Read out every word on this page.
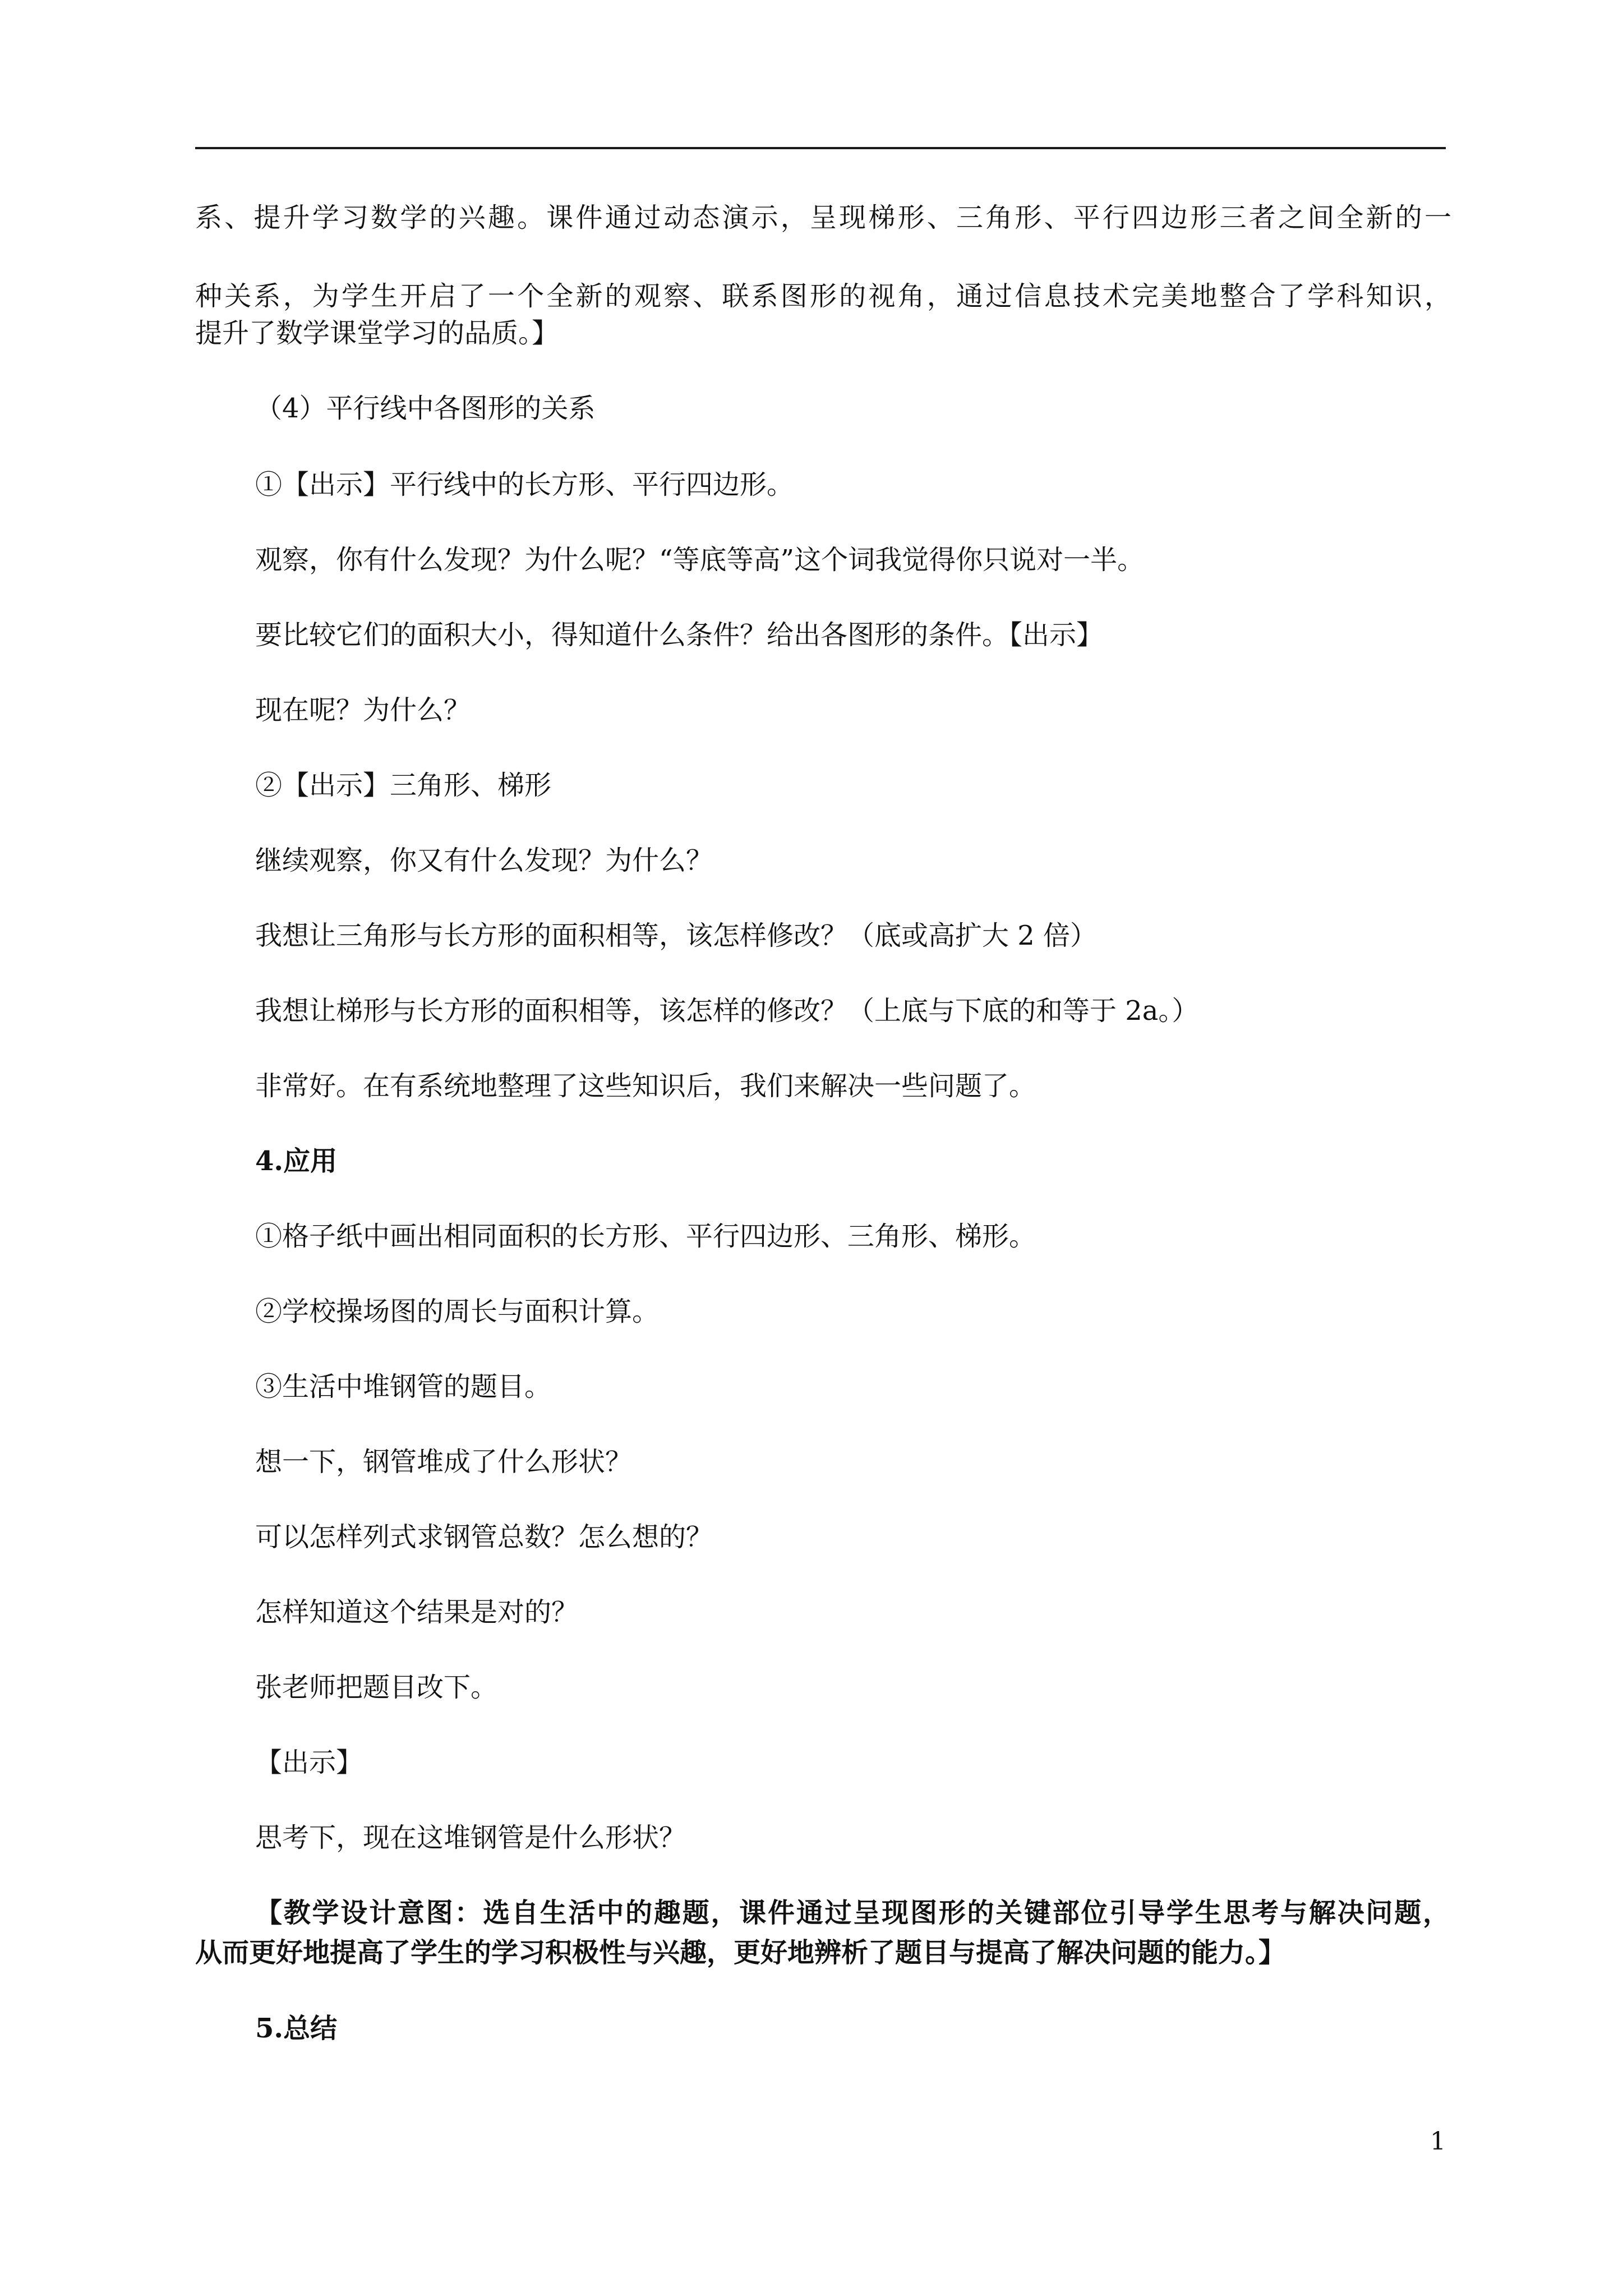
系、提升学习数学的兴趣。课件通过动态演示，呈现梯形、三角形、平行四边形三者之间全新的一
种关系，为学生开启了一个全新的观察、联系图形的视角，通过信息技术完美地整合了学科知识，
提升了数学课堂学习的品质。】
（4）平行线中各图形的关系
①【出示】平行线中的长方形、平行四边形。
观察，你有什么发现？为什么呢？“等底等高”这个词我觉得你只说对一半。
要比较它们的面积大小，得知道什么条件？给出各图形的条件。【出示】
现在呢？为什么？
②【出示】三角形、梯形
继续观察，你又有什么发现？为什么？
我想让三角形与长方形的面积相等，该怎样修改？（底或高扩大 2 倍）
我想让梯形与长方形的面积相等，该怎样的修改？（上底与下底的和等于 2a。）
非常好。在有系统地整理了这些知识后，我们来解决一些问题了。
4.应用
①格子纸中画出相同面积的长方形、平行四边形、三角形、梯形。
②学校操场图的周长与面积计算。
③生活中堆钢管的题目。
想一下，钢管堆成了什么形状？
可以怎样列式求钢管总数？怎么想的？
怎样知道这个结果是对的？
张老师把题目改下。
【出示】
思考下，现在这堆钢管是什么形状？
【教学设计意图：选自生活中的趣题，课件通过呈现图形的关键部位引导学生思考与解决问题，
从而更好地提高了学生的学习积极性与兴趣，更好地辨析了题目与提高了解决问题的能力。】
5.总结
1
